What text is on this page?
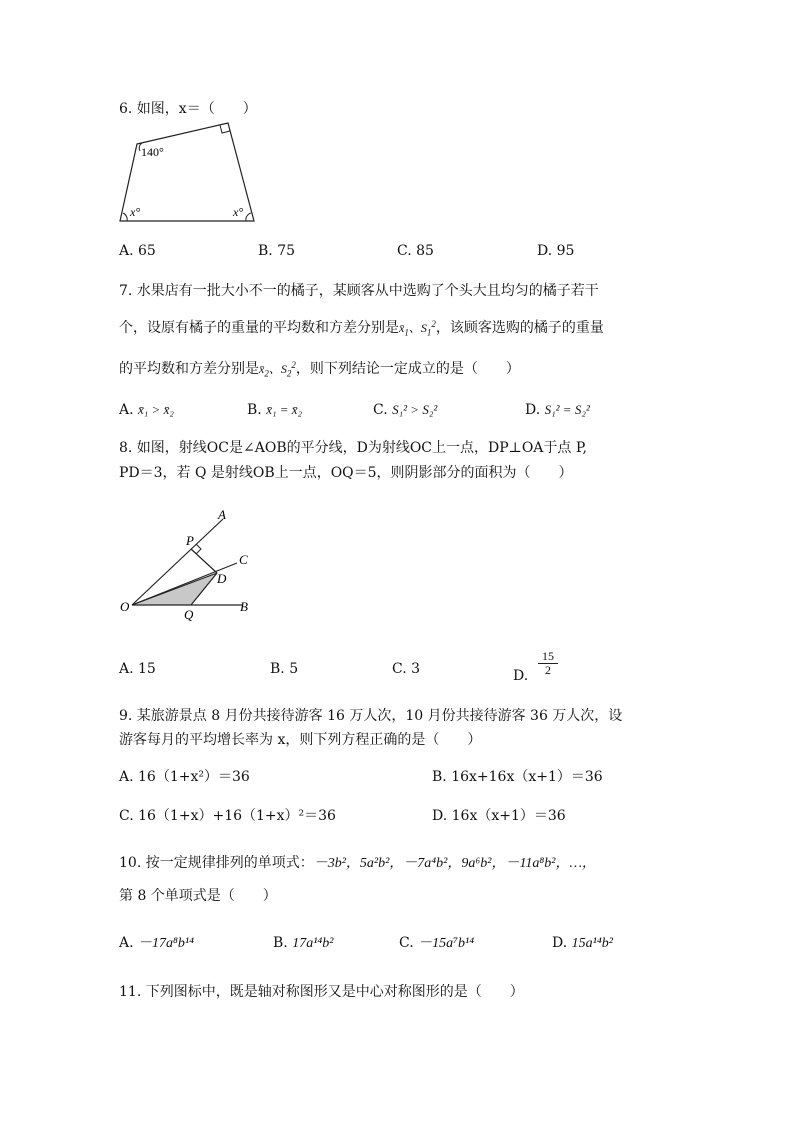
6. 如图，x＝（　　）
140°
x°	x°
A. 65	B. 75	C. 85	D. 95
7. 水果店有一批大小不一的橘子，某顾客从中选购了个头大且均匀的橘子若干
个，设原有橘子的重量的平均数和方差分别是$x̄_1$、$S_1^2$，该顾客选购的橘子的重量
的平均数和方差分别是$x̄_2$、$S_2^2$，则下列结论一定成立的是（　　）
A. x̄₁ > x̄₂	B. x̄₁ = x̄₂	C. S₁² > S₂²	D. S₁² = S₂²
8. 如图，射线OC是∠AOB的平分线，D为射线OC上一点，DP⊥OA于点 P,
PD＝3，若 Q 是射线OB上一点，OQ＝5，则阴影部分的面积为（　　）
A
P
C
D
O
Q
B
A. 15	B. 5	C. 3	D.
15
2
9. 某旅游景点 8 月份共接待游客 16 万人次，10 月份共接待游客 36 万人次，设
游客每月的平均增长率为 x，则下列方程正确的是（　　）
A. 16（1+x²）＝36	B. 16x+16x（x+1）＝36
C. 16（1+x）+16（1+x）²＝36	D. 16x（x+1）＝36
10. 按一定规律排列的单项式：－3b²，5a²b²，－7a⁴b²，9a⁶b²，－11a⁸b²，…，
第 8 个单项式是（　　）
A. －17a⁸b¹⁴	B. 17a¹⁴b²	C. －15a⁷b¹⁴	D. 15a¹⁴b²
11. 下列图标中，既是轴对称图形又是中心对称图形的是（　　）
